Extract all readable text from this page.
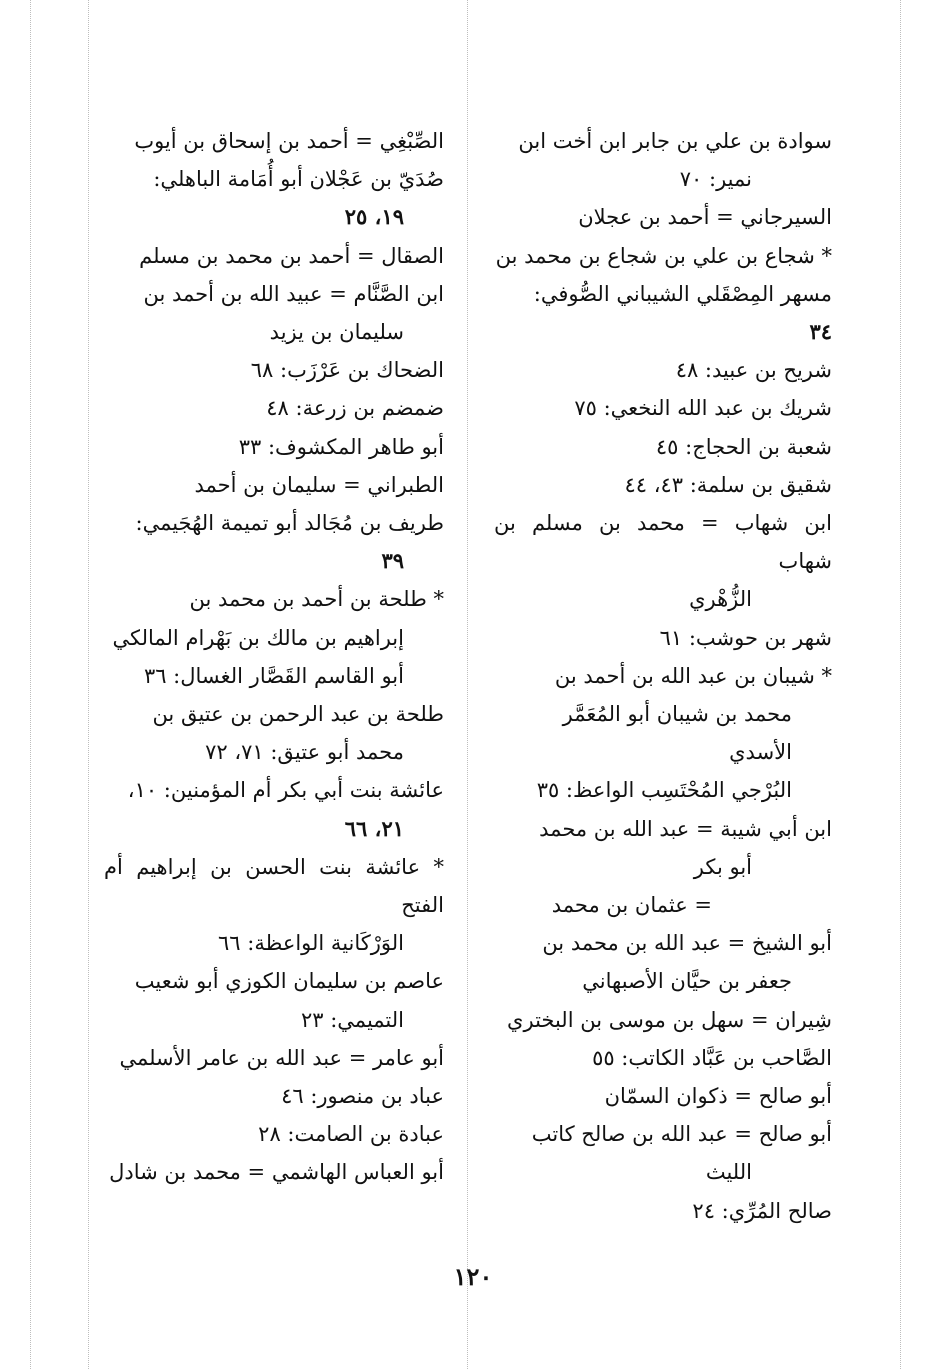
سوادة بن علي بن جابر ابن أخت ابن
نمير: ٧٠
السيرجاني = أحمد بن عجلان
* شجاع بن علي بن شجاع بن محمد بن
مسهر المِصْقَلي الشيباني الصُّوفي:
٣٤
شريح بن عبيد: ٤٨
شريك بن عبد الله النخعي: ٧٥
شعبة بن الحجاج: ٤٥
شقيق بن سلمة: ٤٣، ٤٤
ابن شهاب = محمد بن مسلم بن شهاب
الزُّهْري
شهر بن حوشب: ٦١
* شيبان بن عبد الله بن أحمد بن
محمد بن شيبان أبو المُعَمَّر الأسدي
البُرْجي المُحْتَسِب الواعظ: ٣٥
ابن أبي شيبة = عبد الله بن محمد
أبو بكر
= عثمان بن محمد
أبو الشيخ = عبد الله بن محمد بن
جعفر بن حيَّان الأصبهاني
شِيران = سهل بن موسى بن البختري
الصَّاحب بن عَبَّاد الكاتب: ٥٥
أبو صالح = ذكوان السمّان
أبو صالح = عبد الله بن صالح كاتب
الليث
صالح المُرِّي: ٢٤
الصِّبْغِي = أحمد بن إسحاق بن أيوب
صُدَيّ بن عَجْلان أبو أُمَامة الباهلي:
١٩، ٢٥
الصقال = أحمد بن محمد بن مسلم
ابن الصَّنَّام = عبيد الله بن أحمد بن
سليمان بن يزيد
الضحاك بن عَرْزَب: ٦٨
ضمضم بن زرعة: ٤٨
أبو طاهر المكشوف: ٣٣
الطبراني = سليمان بن أحمد
طريف بن مُجَالد أبو تميمة الهُجَيمي:
٣٩
* طلحة بن أحمد بن محمد بن
إبراهيم بن مالك بن بَهْرام المالكي
أبو القاسم القَصَّار الغسال: ٣٦
طلحة بن عبد الرحمن بن عتيق بن
محمد أبو عتيق: ٧١، ٧٢
عائشة بنت أبي بكر أم المؤمنين: ١٠،
٢١، ٦٦
* عائشة بنت الحسن بن إبراهيم أم الفتح
الوَرْكَانية الواعظة: ٦٦
عاصم بن سليمان الكوزي أبو شعيب
التميمي: ٢٣
أبو عامر = عبد الله بن عامر الأسلمي
عباد بن منصور: ٤٦
عبادة بن الصامت: ٢٨
أبو العباس الهاشمي = محمد بن شادل
١٢٠
